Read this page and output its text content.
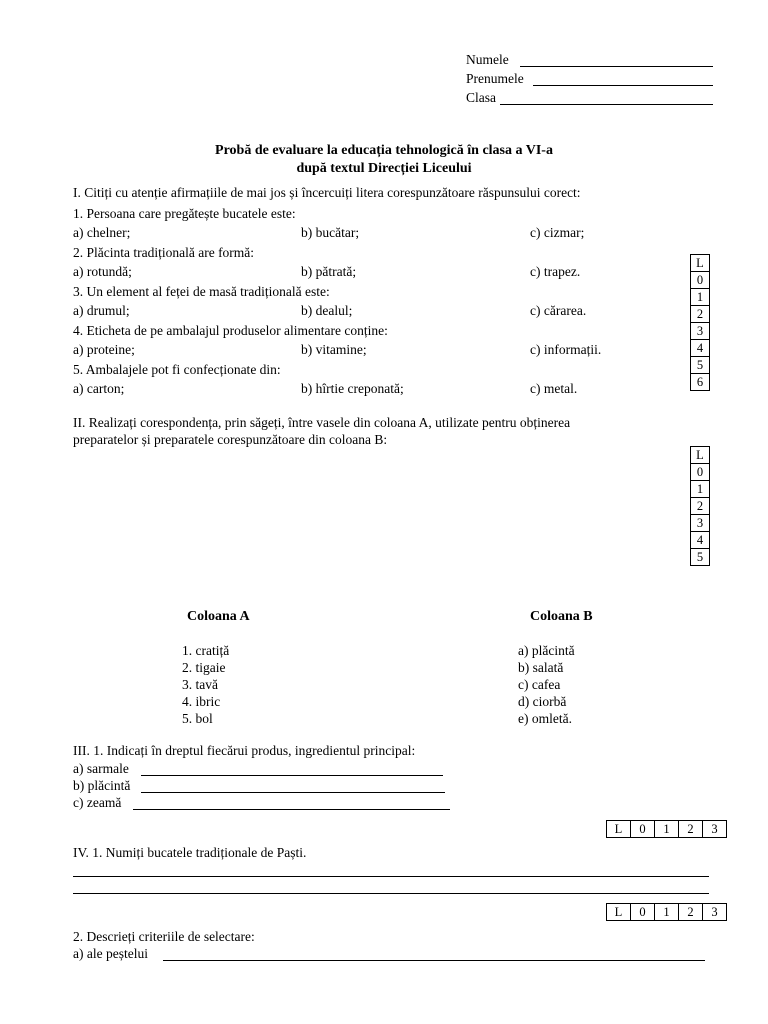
Numele
Prenumele
Clasa
Probă de evaluare la educația tehnologică în clasa a VI-a
după textul Direcției Liceului
I. Citiți cu atenție afirmațiile de mai jos și încercuiți litera corespunzătoare răspunsului corect:
1. Persoana care pregătește bucatele este:
a) chelner;	b) bucătar;	c) cizmar;
2. Plăcinta tradițională are formă:
a) rotundă;	b) pătrată;	c) trapez.
3. Un element al feței de masă tradițională este:
a) drumul;	b) dealul;	c) cărarea.
4. Eticheta de pe ambalajul produselor alimentare conține:
a) proteine;	b) vitamine;	c) informații.
5. Ambalajele pot fi confecționate din:
a) carton;	b) hîrtie creponată;	c) metal.
L
0
1
2
3
4
5
6
II. Realizați corespondența, prin săgeți, între vasele din coloana A, utilizate pentru obținerea
preparatelor și preparatele corespunzătoare din coloana B:
L
0
1
2
3
4
5
Coloana A	Coloana B
1. cratiță
2. tigaie
3. tavă
4. ibric
5. bol
a) plăcintă
b) salată
c) cafea
d) ciorbă
e) omletă.
III. 1. Indicați în dreptul fiecărui produs, ingredientul principal:
a) sarmale
b) plăcintă
c) zeamă
L	0	1	2	3
IV. 1. Numiți bucatele tradiționale de Paști.
L	0	1	2	3
2. Descrieți criteriile de selectare:
a) ale peștelui
